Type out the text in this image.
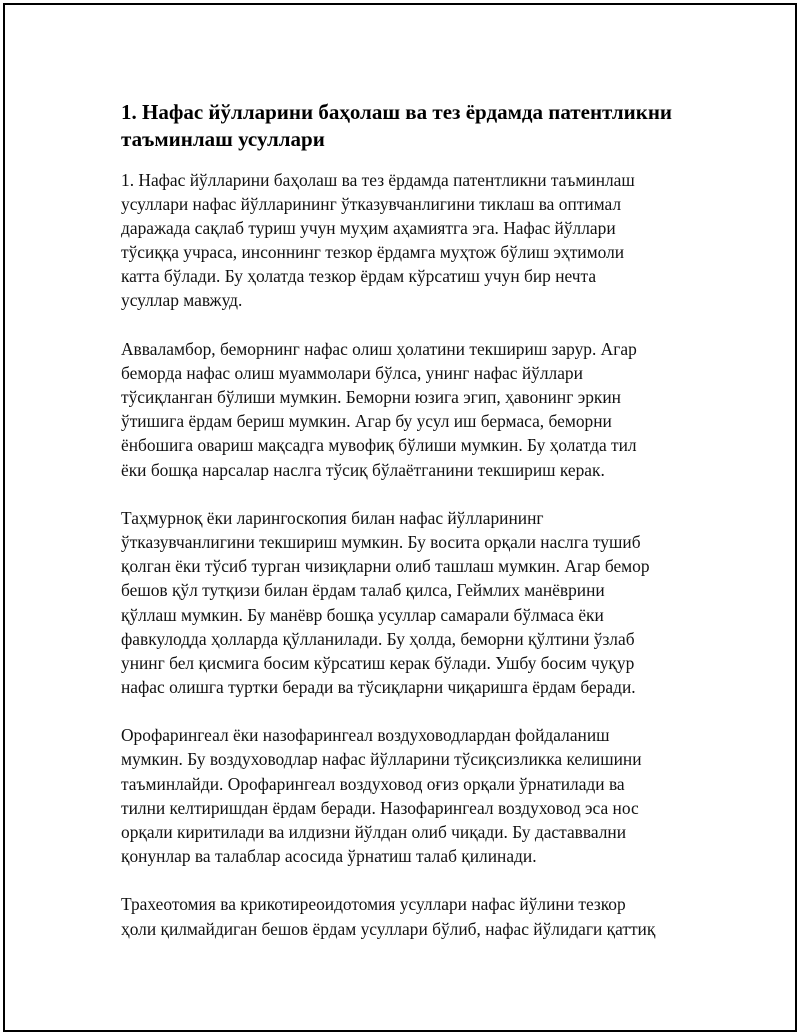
1. Нафас йўлларини баҳолаш ва тез ёрдамда патентликни
таъминлаш усуллари

1. Нафас йўлларини баҳолаш ва тез ёрдамда патентликни таъминлаш
усуллари нафас йўлларининг ўтказувчанлигини тиклаш ва оптимал
даражада сақлаб туриш учун муҳим аҳамиятга эга. Нафас йўллари
тўсиққа учраса, инсоннинг тезкор ёрдамга муҳтож бўлиш эҳтимоли
катта бўлади. Бу ҳолатда тезкор ёрдам кўрсатиш учун бир нечта
усуллар мавжуд.

Авваламбор, беморнинг нафас олиш ҳолатини текшириш зарур. Агар
беморда нафас олиш муаммолари бўлса, унинг нафас йўллари
тўсиқланган бўлиши мумкин. Беморни юзига эгип, ҳавонинг эркин
ўтишига ёрдам бериш мумкин. Агар бу усул иш бермаса, беморни
ёнбошига овариш мақсадга мувофиқ бўлиши мумкин. Бу ҳолатда тил
ёки бошқа нарсалар наслга тўсиқ бўлаётганини текшириш керак.

Таҳмурноқ ёки ларингоскопия билан нафас йўлларининг
ўтказувчанлигини текшириш мумкин. Бу восита орқали наслга тушиб
қолган ёки тўсиб турган чизиқларни олиб ташлаш мумкин. Агар бемор
бешов қўл тутқизи билан ёрдам талаб қилса, Геймлих манёврини
қўллаш мумкин. Бу манёвр бошқа усуллар самарали бўлмаса ёки
фавкулодда ҳолларда қўлланилади. Бу ҳолда, беморни қўлтини ўзлаб
унинг бел қисмига босим кўрсатиш керак бўлади. Ушбу босим чуқур
нафас олишга туртки беради ва тўсиқларни чиқаришга ёрдам беради.

Орофарингеал ёки назофарингеал воздуховодлардан фойдаланиш
мумкин. Бу воздуховодлар нафас йўлларини тўсиқсизликка келишини
таъминлайди. Орофарингеал воздуховод оғиз орқали ўрнатилади ва
тилни келтиришдан ёрдам беради. Назофарингеал воздуховод эса нос
орқали киритилади ва илдизни йўлдан олиб чиқади. Бу даставвални
қонунлар ва талаблар асосида ўрнатиш талаб қилинади.

Трахеотомия ва крикотиреоидотомия усуллари нафас йўлини тезкор
ҳоли қилмайдиган бешов ёрдам усуллари бўлиб, нафас йўлидаги қаттиқ
